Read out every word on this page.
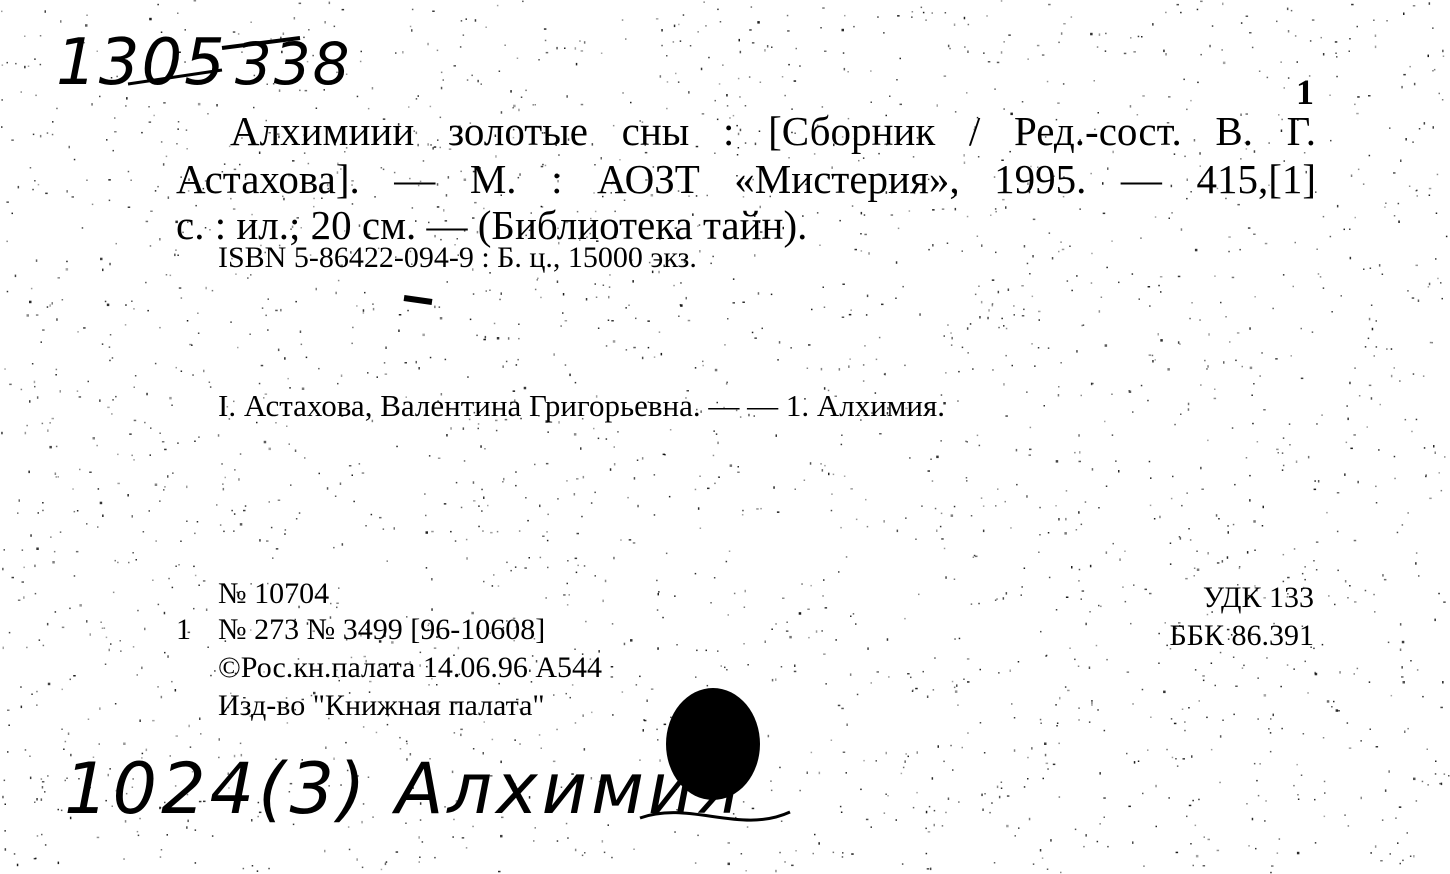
1305 338	1
Алхимиии золотые сны : [Сборник / Ред.-сост. В. Г.
Астахова]. — М. : АОЗТ «Мистерия», 1995. — 415,[1]
с. : ил.; 20 см. — (Библиотека тайн).
ISBN 5-86422-094-9 : Б. ц., 15000 экз.
I. Астахова, Валентина Григорьевна. — — 1. Алхимия.
№ 10704
1 № 273 № 3499 [96-10608]
©Рос.кн.палата 14.06.96 А544
Изд-во "Книжная палата"
УДК 133
ББК 86.391
1024(3) Алхимия
